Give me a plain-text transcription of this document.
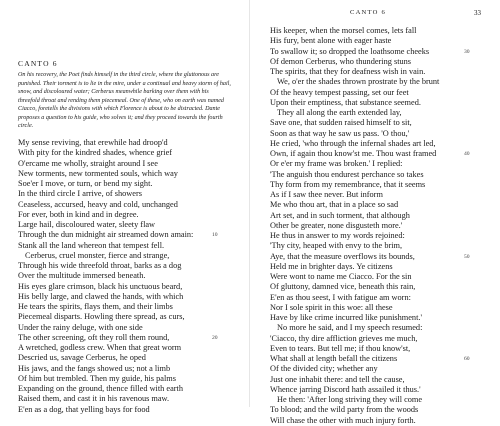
CANTO 6

On his recovery, the Poet finds himself in the third circle, where the gluttonous are punished. Their torment is to lie in the mire, under a continual and heavy storm of hail, snow, and discoloured water; Cerberus meanwhile barking over them with his threefold throat and rending them piecemeal. One of these, who on earth was named Ciacco, foretells the divisions with which Florence is about to be distracted. Dante proposes a question to his guide, who solves it; and they proceed towards the fourth circle.

My sense reviving, that erewhile had droop'd
With pity for the kindred shades, whence grief
O'ercame me wholly, straight around I see
New torments, new tormented souls, which way
Soe'er I move, or turn, or bend my sight.
In the third circle I arrive, of showers
Ceaseless, accursed, heavy and cold, unchanged
For ever, both in kind and in degree.
Large hail, discoloured water, sleety flaw
Through the dun midnight air streamed down amain:	10
Stank all the land whereon that tempest fell.
Cerberus, cruel monster, fierce and strange,
Through his wide threefold throat, barks as a dog
Over the multitude immersed beneath.
His eyes glare crimson, black his unctuous beard,
His belly large, and clawed the hands, with which
He tears the spirits, flays them, and their limbs
Piecemeal disparts. Howling there spread, as curs,
Under the rainy deluge, with one side
The other screening, oft they roll them round,	20
A wretched, godless crew. When that great worm
Descried us, savage Cerberus, he oped
His jaws, and the fangs showed us; not a limb
Of him but trembled. Then my guide, his palms
Expanding on the ground, thence filled with earth
Raised them, and cast it in his ravenous maw.
E'en as a dog, that yelling bays for food
CANTO 6	33
His keeper, when the morsel comes, lets fall
His fury, bent alone with eager haste
To swallow it; so dropped the loathsome cheeks	30
Of demon Cerberus, who thundering stuns
The spirits, that they for deafness wish in vain.
We, o'er the shades thrown prostrate by the brunt
Of the heavy tempest passing, set our feet
Upon their emptiness, that substance seemed.
They all along the earth extended lay,
Save one, that sudden raised himself to sit,
Soon as that way he saw us pass. 'O thou,'
He cried, 'who through the infernal shades art led,
Own, if again thou know'st me. Thou wast framed	40
Or e'er my frame was broken.' I replied:
'The anguish thou endurest perchance so takes
Thy form from my remembrance, that it seems
As if I saw thee never. But inform
Me who thou art, that in a place so sad
Art set, and in such torment, that although
Other be greater, none disgusteth more.'
He thus in answer to my words rejoined:
'Thy city, heaped with envy to the brim,
Aye, that the measure overflows its bounds,	50
Held me in brighter days. Ye citizens
Were wont to name me Ciacco. For the sin
Of gluttony, damned vice, beneath this rain,
E'en as thou seest, I with fatigue am worn:
Nor I sole spirit in this woe: all these
Have by like crime incurred like punishment.'
No more he said, and I my speech resumed:
'Ciacco, thy dire affliction grieves me much,
Even to tears. But tell me; if thou know'st,
What shall at length befall the citizens	60
Of the divided city; whether any
Just one inhabit there: and tell the cause,
Whence jarring Discord hath assailed it thus.'
He then: 'After long striving they will come
To blood; and the wild party from the woods
Will chase the other with much injury forth.
